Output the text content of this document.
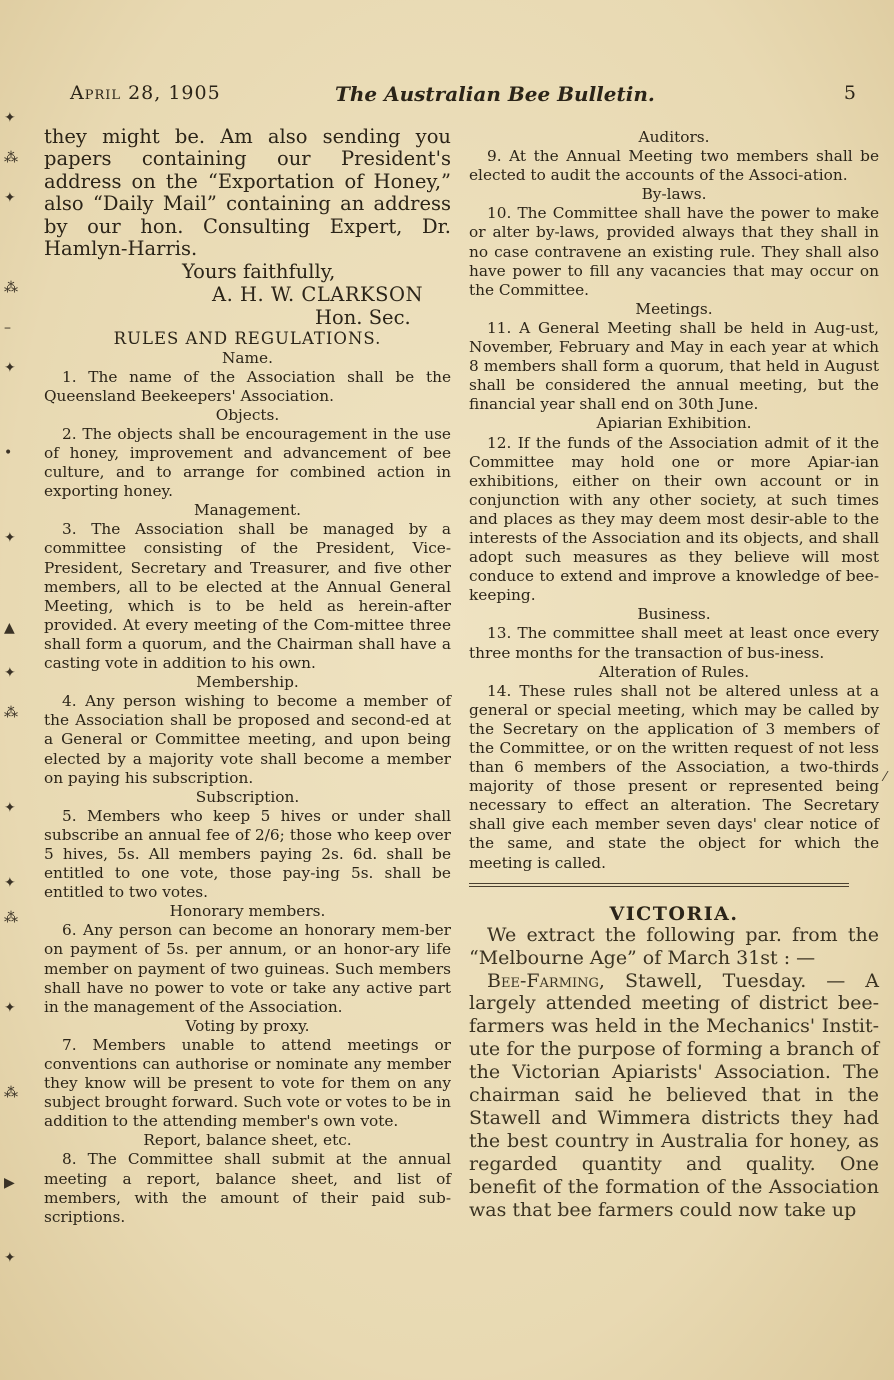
✦
⁂
✦
⁂
–
✦
•
✦
▲
✦
⁂
✦
✦
⁂
✦
⁂
▶
✦
⁄
April 28, 1905	The Australian Bee Bulletin.	5

they might be. Am also sending you papers containing our President's address on the “Exportation of Honey,” also “Daily Mail” containing an address by our hon. Consulting Expert, Dr. Hamlyn-Harris.

Yours faithfully,

A. H. W. CLARKSON

Hon. Sec.

RULES AND REGULATIONS.

Name.

1. The name of the Association shall be the Queensland Beekeepers' Association.

Objects.

2. The objects shall be encouragement in the use of honey, improvement and advancement of bee culture, and to arrange for combined action in exporting honey.

Management.

3. The Association shall be managed by a committee consisting of the President, Vice-President, Secretary and Treasurer, and five other members, all to be elected at the Annual General Meeting, which is to be held as herein-after provided. At every meeting of the Com-mittee three shall form a quorum, and the Chairman shall have a casting vote in addition to his own.

Membership.

4. Any person wishing to become a member of the Association shall be proposed and second-ed at a General or Committee meeting, and upon being elected by a majority vote shall become a member on paying his subscription.

Subscription.

5. Members who keep 5 hives or under shall subscribe an annual fee of 2/6; those who keep over 5 hives, 5s. All members paying 2s. 6d. shall be entitled to one vote, those pay-ing 5s. shall be entitled to two votes.

Honorary members.

6. Any person can become an honorary mem-ber on payment of 5s. per annum, or an honor-ary life member on payment of two guineas. Such members shall have no power to vote or take any active part in the management of the Association.

Voting by proxy.

7. Members unable to attend meetings or conventions can authorise or nominate any member they know will be present to vote for them on any subject brought forward. Such vote or votes to be in addition to the attending member's own vote.

Report, balance sheet, etc.

8. The Committee shall submit at the annual meeting a report, balance sheet, and list of members, with the amount of their paid sub-scriptions.

Auditors.

9. At the Annual Meeting two members shall be elected to audit the accounts of the Associ-ation.

By-laws.

10. The Committee shall have the power to make or alter by-laws, provided always that they shall in no case contravene an existing rule. They shall also have power to fill any vacancies that may occur on the Committee.

Meetings.

11. A General Meeting shall be held in Aug-ust, November, February and May in each year at which 8 members shall form a quorum, that held in August shall be considered the annual meeting, but the financial year shall end on 30th June.

Apiarian Exhibition.

12. If the funds of the Association admit of it the Committee may hold one or more Apiar-ian exhibitions, either on their own account or in conjunction with any other society, at such times and places as they may deem most desir-able to the interests of the Association and its objects, and shall adopt such measures as they believe will most conduce to extend and improve a knowledge of bee-keeping.

Business.

13. The committee shall meet at least once every three months for the transaction of bus-iness.

Alteration of Rules.

14. These rules shall not be altered unless at a general or special meeting, which may be called by the Secretary on the application of 3 members of the Committee, or on the written request of not less than 6 members of the Association, a two-thirds majority of those present or represented being necessary to effect an alteration. The Secretary shall give each member seven days' clear notice of the same, and state the object for which the meeting is called.

VICTORIA.

We extract the following par. from the “Melbourne Age” of March 31st : —

Bee-Farming, Stawell, Tuesday. — A largely attended meeting of district bee-farmers was held in the Mechanics' Instit-ute for the purpose of forming a branch of the Victorian Apiarists' Association. The chairman said he believed that in the Stawell and Wimmera districts they had the best country in Australia for honey, as regarded quantity and quality. One benefit of the formation of the Association was that bee farmers could now take up
